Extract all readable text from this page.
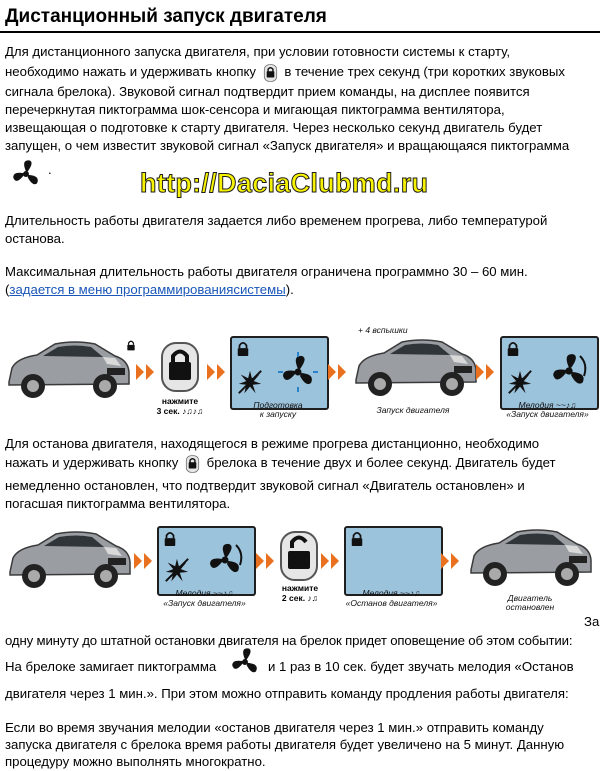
Дистанционный запуск двигателя
Для дистанционного запуска двигателя, при условии готовности системы к старту,
необходимо нажать и удерживать кнопку в течение трех секунд (три коротких звуковых
сигнала брелока). Звуковой сигнал подтвердит прием команды, на дисплее появится
перечеркнутая пиктограмма шок-сенсора и мигающая пиктограмма вентилятора,
извещающая о подготовке к старту двигателя. Через несколько секунд двигатель будет
запущен, о чем известит звуковой сигнал «Запуск двигателя» и вращающаяся пиктограмма
.	http://DaciaClubmd.ru
Длительность работы двигателя задается либо временем прогрева, либо температурой
останова.
Максимальная длительность работы двигателя ограничена программно 30 – 60 мин.
(задается в меню программированиясистемы).
нажмите
3 сек. ♪♫♪♫
Подготовка
к запуску
+ 4 вспышки
Запуск двигателя	Мелодия ~~♪♫
«Запуск двигателя»
Для останова двигателя, находящегося в режиме прогрева дистанционно, необходимо
нажать и удерживать кнопку брелока в течение двух и более секунд. Двигатель будет
немедленно остановлен, что подтвердит звуковой сигнал «Двигатель остановлен» и
погасшая пиктограмма вентилятора.
Мелодия ~~♪♫
«Запуск двигателя»
нажмите
2 сек. ♪♫	Мелодия ~~♪♫
«Останов двигателя»	Двигатель
остановлен
За
одну минуту до штатной остановки двигателя на брелок придет оповещение об этом событии:
На брелоке замигает пиктограмма	и 1 раз в 10 сек. будет звучать мелодия «Останов
двигателя через 1 мин.». При этом можно отправить команду продления работы двигателя:
Если во время звучания мелодии «останов двигателя через 1 мин.» отправить команду
запуска двигателя с брелока время работы двигателя будет увеличено на 5 минут. Данную
процедуру можно выполнять многократно.
